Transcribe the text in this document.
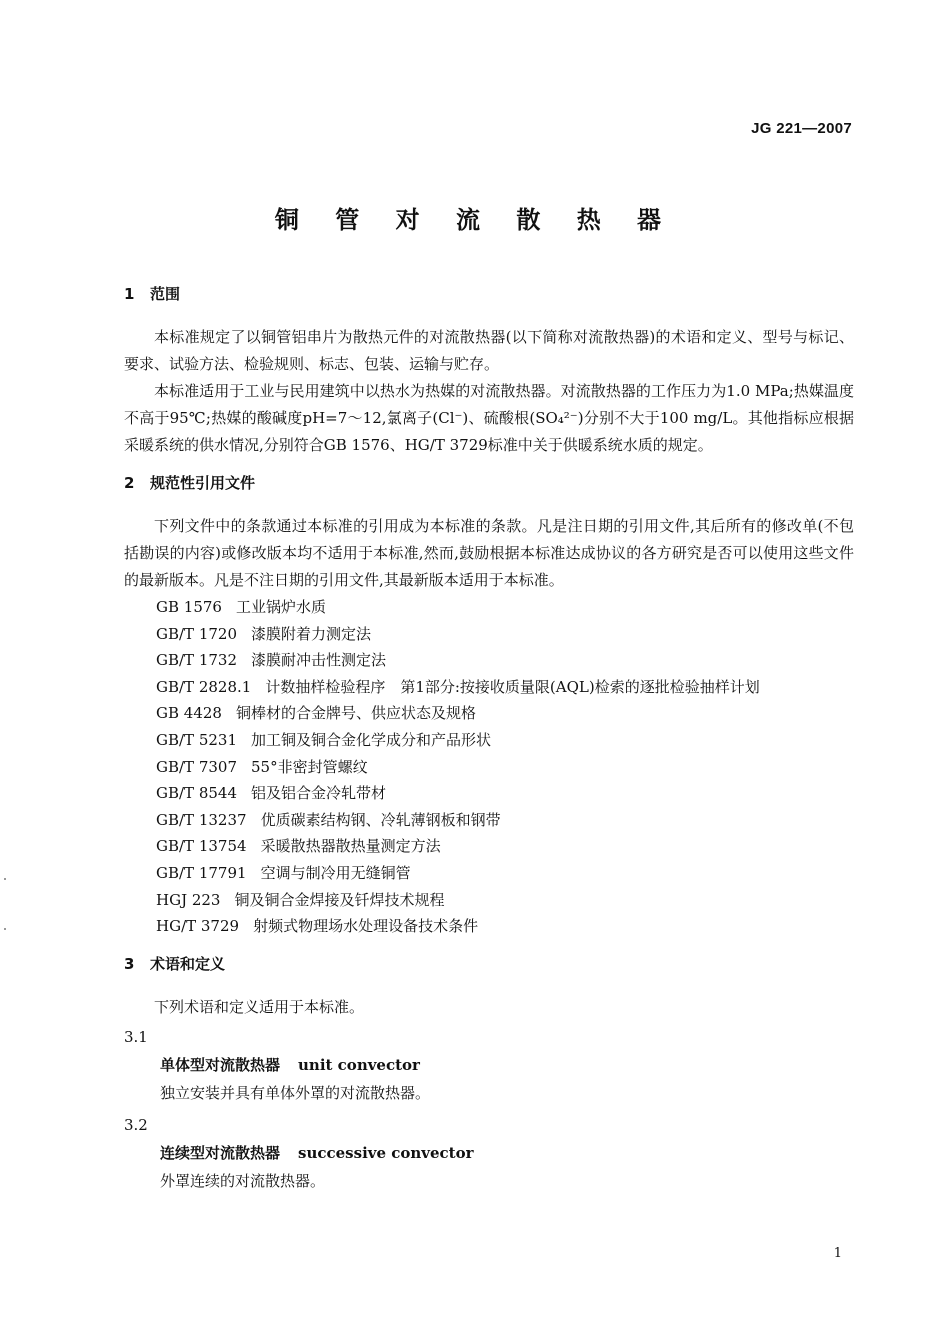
JG 221—2007
铜 管 对 流 散 热 器
1 范围

本标准规定了以铜管铝串片为散热元件的对流散热器(以下简称对流散热器)的术语和定义、型号与标记、要求、试验方法、检验规则、标志、包装、运输与贮存。

本标准适用于工业与民用建筑中以热水为热媒的对流散热器。对流散热器的工作压力为1.0 MPa;热媒温度不高于95℃;热媒的酸碱度pH=7～12,氯离子(Cl⁻)、硫酸根(SO₄²⁻)分别不大于100 mg/L。其他指标应根据采暖系统的供水情况,分别符合GB 1576、HG/T 3729标准中关于供暖系统水质的规定。

2 规范性引用文件

下列文件中的条款通过本标准的引用成为本标准的条款。凡是注日期的引用文件,其后所有的修改单(不包括勘误的内容)或修改版本均不适用于本标准,然而,鼓励根据本标准达成协议的各方研究是否可以使用这些文件的最新版本。凡是不注日期的引用文件,其最新版本适用于本标准。

GB 1576 工业锅炉水质
GB/T 1720 漆膜附着力测定法
GB/T 1732 漆膜耐冲击性测定法
GB/T 2828.1 计数抽样检验程序　第1部分:按接收质量限(AQL)检索的逐批检验抽样计划
GB 4428 铜棒材的合金牌号、供应状态及规格
GB/T 5231 加工铜及铜合金化学成分和产品形状
GB/T 7307 55°非密封管螺纹
GB/T 8544 铝及铝合金冷轧带材
GB/T 13237 优质碳素结构钢、冷轧薄钢板和钢带
GB/T 13754 采暖散热器散热量测定方法
GB/T 17791 空调与制冷用无缝铜管
HGJ 223 铜及铜合金焊接及钎焊技术规程
HG/T 3729 射频式物理场水处理设备技术条件
3 术语和定义

下列术语和定义适用于本标准。

3.1
单体型对流散热器 unit convector
独立安装并具有单体外罩的对流散热器。
3.2
连续型对流散热器 successive convector
外罩连续的对流散热器。
1
